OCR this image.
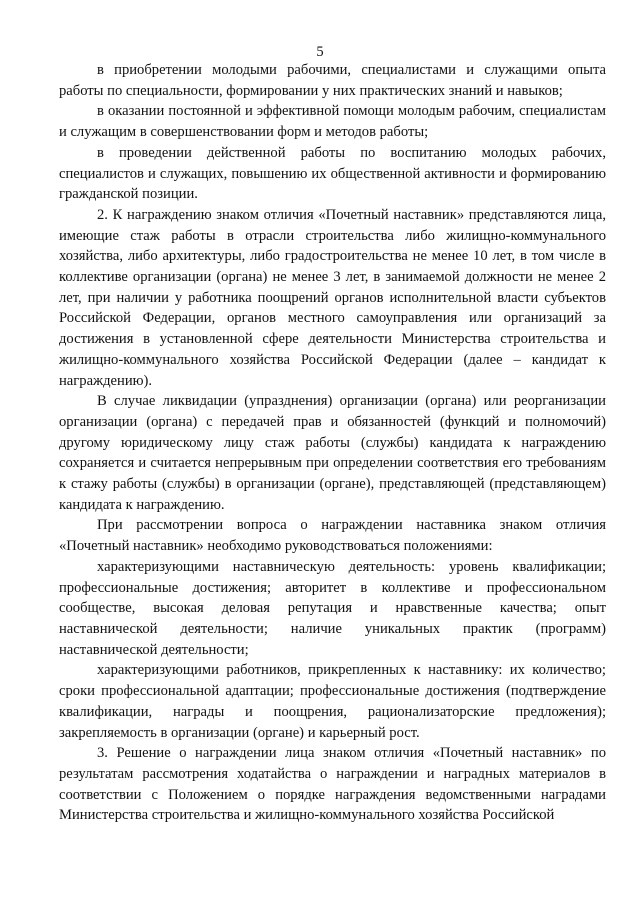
5

в приобретении молодыми рабочими, специалистами и служащими опыта работы по специальности, формировании у них практических знаний и навыков;

в оказании постоянной и эффективной помощи молодым рабочим, специалистам и служащим в совершенствовании форм и методов работы;

в проведении действенной работы по воспитанию молодых рабочих, специалистов и служащих, повышению их общественной активности и формированию гражданской позиции.

2. К награждению знаком отличия «Почетный наставник» представляются лица, имеющие стаж работы в отрасли строительства либо жилищно-коммунального хозяйства, либо архитектуры, либо градостроительства не менее 10 лет, в том числе в коллективе организации (органа) не менее 3 лет, в занимаемой должности не менее 2 лет, при наличии у работника поощрений органов исполнительной власти субъектов Российской Федерации, органов местного самоуправления или организаций за достижения в установленной сфере деятельности Министерства строительства и жилищно-коммунального хозяйства Российской Федерации (далее – кандидат к награждению).

В случае ликвидации (упразднения) организации (органа) или реорганизации организации (органа) с передачей прав и обязанностей (функций и полномочий) другому юридическому лицу стаж работы (службы) кандидата к награждению сохраняется и считается непрерывным при определении соответствия его требованиям к стажу работы (службы) в организации (органе), представляющей (представляющем) кандидата к награждению.

При рассмотрении вопроса о награждении наставника знаком отличия «Почетный наставник» необходимо руководствоваться положениями:

характеризующими наставническую деятельность: уровень квалификации; профессиональные достижения; авторитет в коллективе и профессиональном сообществе, высокая деловая репутация и нравственные качества; опыт наставнической деятельности; наличие уникальных практик (программ) наставнической деятельности;

характеризующими работников, прикрепленных к наставнику: их количество; сроки профессиональной адаптации; профессиональные достижения (подтверждение квалификации, награды и поощрения, рационализаторские предложения); закрепляемость в организации (органе) и карьерный рост.

3. Решение о награждении лица знаком отличия «Почетный наставник» по результатам рассмотрения ходатайства о награждении и наградных материалов в соответствии с Положением о порядке награждения ведомственными наградами Министерства строительства и жилищно-коммунального хозяйства Российской
